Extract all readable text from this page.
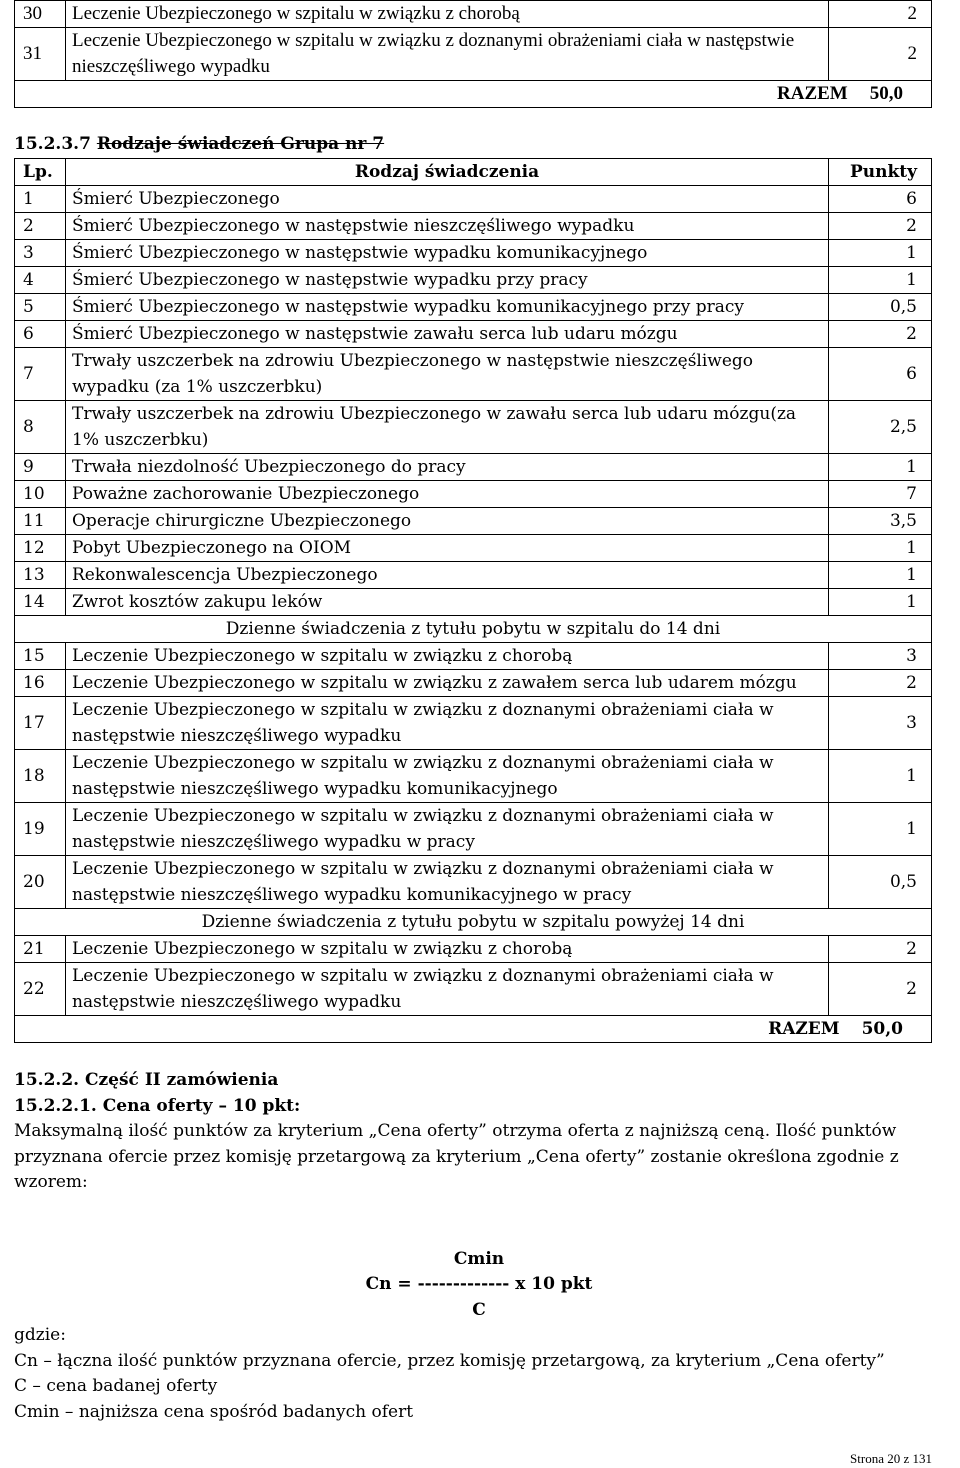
30	Leczenie Ubezpieczonego w szpitalu w związku z chorobą	2
31	Leczenie Ubezpieczonego w szpitalu w związku z doznanymi obrażeniami ciała w następstwie nieszczęśliwego wypadku	2
RAZEM 50,0		
15.2.3.7 Rodzaje świadczeń Grupa nr 7
Lp.	Rodzaj świadczenia	Punkty
1	Śmierć Ubezpieczonego	6
2	Śmierć Ubezpieczonego w następstwie nieszczęśliwego wypadku	2
3	Śmierć Ubezpieczonego w następstwie wypadku komunikacyjnego	1
4	Śmierć Ubezpieczonego w następstwie wypadku przy pracy	1
5	Śmierć Ubezpieczonego w następstwie wypadku komunikacyjnego przy pracy	0,5
6	Śmierć Ubezpieczonego w następstwie zawału serca lub udaru mózgu	2
7	Trwały uszczerbek na zdrowiu Ubezpieczonego w następstwie nieszczęśliwego wypadku (za 1% uszczerbku)	6
8	Trwały uszczerbek na zdrowiu Ubezpieczonego w zawału serca lub udaru mózgu(za 1% uszczerbku)	2,5
9	Trwała niezdolność Ubezpieczonego do pracy	1
10	Poważne zachorowanie Ubezpieczonego	7
11	Operacje chirurgiczne Ubezpieczonego	3,5
12	Pobyt Ubezpieczonego na OIOM	1
13	Rekonwalescencja Ubezpieczonego	1
14	Zwrot kosztów zakupu leków	1
Dzienne świadczenia z tytułu pobytu w szpitalu do 14 dni		
15	Leczenie Ubezpieczonego w szpitalu w związku z chorobą	3
16	Leczenie Ubezpieczonego w szpitalu w związku z zawałem serca lub udarem mózgu	2
17	Leczenie Ubezpieczonego w szpitalu w związku z doznanymi obrażeniami ciała w następstwie nieszczęśliwego wypadku	3
18	Leczenie Ubezpieczonego w szpitalu w związku z doznanymi obrażeniami ciała w następstwie nieszczęśliwego wypadku komunikacyjnego	1
19	Leczenie Ubezpieczonego w szpitalu w związku z doznanymi obrażeniami ciała w następstwie nieszczęśliwego wypadku w pracy	1
20	Leczenie Ubezpieczonego w szpitalu w związku z doznanymi obrażeniami ciała w następstwie nieszczęśliwego wypadku komunikacyjnego w pracy	0,5
Dzienne świadczenia z tytułu pobytu w szpitalu powyżej 14 dni		
21	Leczenie Ubezpieczonego w szpitalu w związku z chorobą	2
22	Leczenie Ubezpieczonego w szpitalu w związku z doznanymi obrażeniami ciała w następstwie nieszczęśliwego wypadku	2
RAZEM 50,0		

15.2.2. Część II zamówienia

15.2.2.1. Cena oferty – 10 pkt:

Maksymalną ilość punktów za kryterium „Cena oferty” otrzyma oferta z najniższą ceną. Ilość punktów przyznana ofercie przez komisję przetargową za kryterium „Cena oferty” zostanie określona zgodnie z wzorem:

Cmin

Cn = ------------- x 10 pkt

C

gdzie:

Cn – łączna ilość punktów przyznana ofercie, przez komisję przetargową, za kryterium „Cena oferty”

C – cena badanej oferty

Cmin – najniższa cena spośród badanych ofert

Strona 20 z 131
